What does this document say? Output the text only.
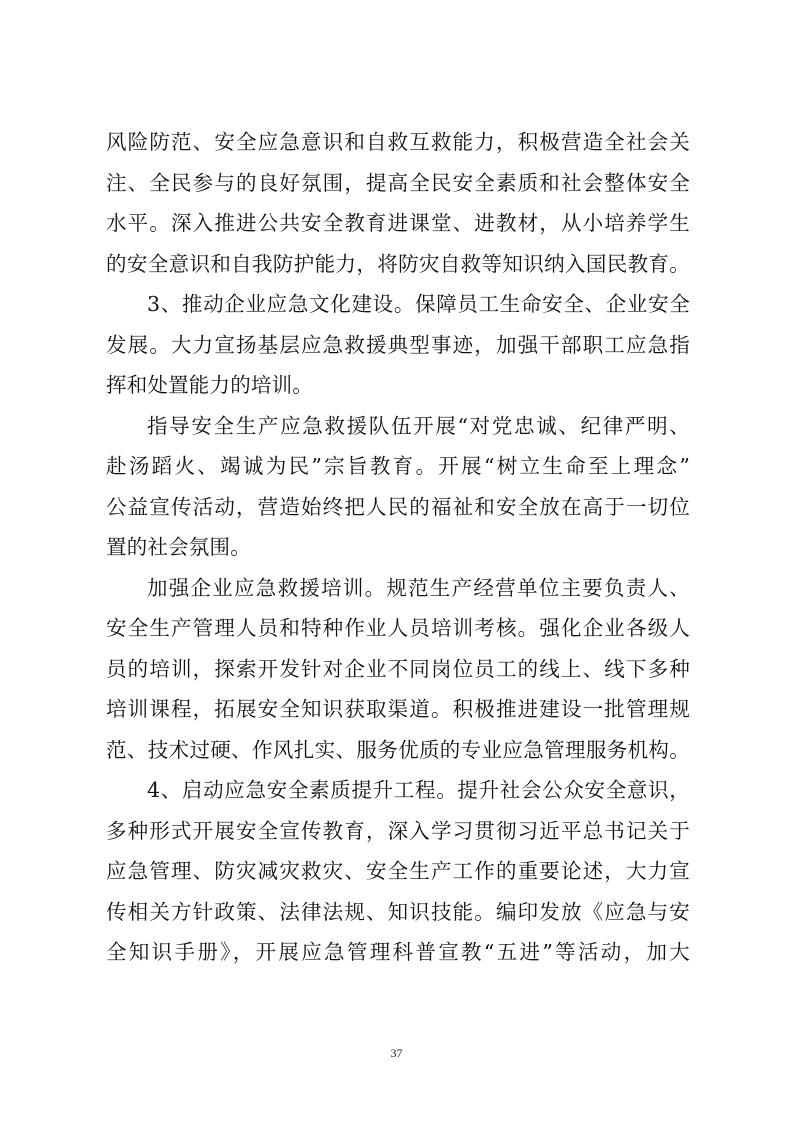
风险防范、安全应急意识和自救互救能力，积极营造全社会关

注、全民参与的良好氛围，提高全民安全素质和社会整体安全

水平。深入推进公共安全教育进课堂、进教材，从小培养学生

的安全意识和自我防护能力，将防灾自救等知识纳入国民教育。

3、推动企业应急文化建设。保障员工生命安全、企业安全

发展。大力宣扬基层应急救援典型事迹，加强干部职工应急指

挥和处置能力的培训。

指导安全生产应急救援队伍开展“对党忠诚、纪律严明、

赴汤蹈火、竭诚为民”宗旨教育。开展“树立生命至上理念”

公益宣传活动，营造始终把人民的福祉和安全放在高于一切位

置的社会氛围。

加强企业应急救援培训。规范生产经营单位主要负责人、

安全生产管理人员和特种作业人员培训考核。强化企业各级人

员的培训，探索开发针对企业不同岗位员工的线上、线下多种

培训课程，拓展安全知识获取渠道。积极推进建设一批管理规

范、技术过硬、作风扎实、服务优质的专业应急管理服务机构。

4、启动应急安全素质提升工程。提升社会公众安全意识，

多种形式开展安全宣传教育，深入学习贯彻习近平总书记关于

应急管理、防灾减灾救灾、安全生产工作的重要论述，大力宣

传相关方针政策、法律法规、知识技能。编印发放《应急与安

全知识手册》，开展应急管理科普宣教“五进”等活动，加大

37
